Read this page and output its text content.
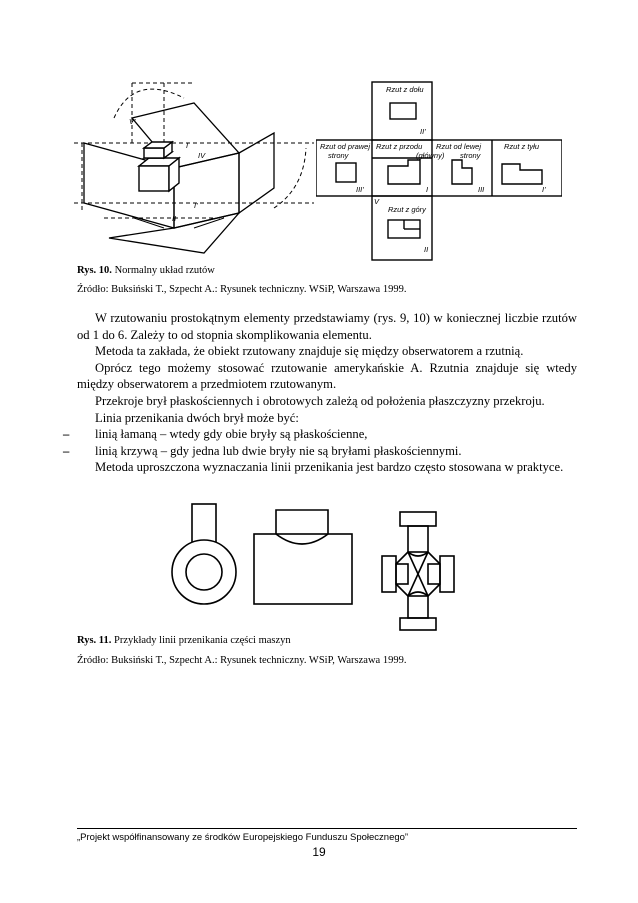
V'
IV
I
II
I'
Rzut z dołu
II'
Rzut od prawej
strony
Rzut z przodu
(główny)
Rzut od lewej
strony
Rzut z tyłu
III'	I	III	I'
V
Rzut z góry
II
Rys. 10. Normalny układ rzutów
Źródło: Buksiński T., Szpecht A.: Rysunek techniczny. WSiP, Warszawa 1999.

W rzutowaniu prostokątnym elementy przedstawiamy (rys. 9, 10) w koniecznej liczbie rzutów od 1 do 6. Zależy to od stopnia skomplikowania elementu.

Metoda ta zakłada, że obiekt rzutowany znajduje się między obserwatorem a rzutnią.

Oprócz tego możemy stosować rzutowanie amerykańskie A. Rzutnia znajduje się wtedy między obserwatorem a przedmiotem rzutowanym.

Przekroje brył płaskościennych i obrotowych zależą od położenia płaszczyzny przekroju.

Linia przenikania dwóch brył może być:

– linią łamaną – wtedy gdy obie bryły są płaskościenne,

– linią krzywą – gdy jedna lub dwie bryły nie są bryłami płaskościennymi.

Metoda uproszczona wyznaczania linii przenikania jest bardzo często stosowana w praktyce.

Rys. 11. Przykłady linii przenikania części maszyn
Źródło: Buksiński T., Szpecht A.: Rysunek techniczny. WSiP, Warszawa 1999.
„Projekt współfinansowany ze środków Europejskiego Funduszu Społecznego”
19
